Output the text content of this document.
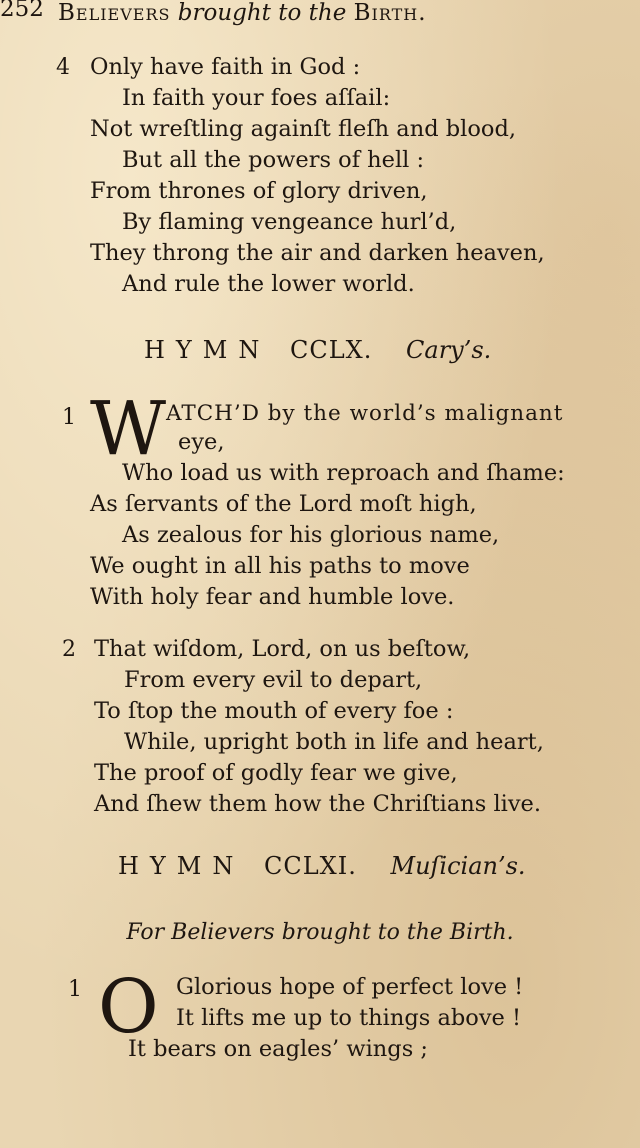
252 Believers brought to the Birth.
4 Only have faith in God :
In faith your foes aſſail:
Not wreſtling againſt fleſh and blood,
But all the powers of hell :
From thrones of glory driven,
By flaming vengeance hurl’d,
They throng the air and darken heaven,
And rule the lower world.
HYMN CCLX. Cary’s.
1 W ATCH’D by the world’s malignant
eye,
Who load us with reproach and ſhame:
As ſervants of the Lord moſt high,
As zealous for his glorious name,
We ought in all his paths to move
With holy fear and humble love.
2 That wiſdom, Lord, on us beſtow,
From every evil to depart,
To ſtop the mouth of every foe :
While, upright both in life and heart,
The proof of godly fear we give,
And ſhew them how the Chriſtians live.
HYMN CCLXI. Muſician’s.
For Believers brought to the Birth.
1 O Glorious hope of perfect love !
It lifts me up to things above !
It bears on eagles’ wings ;
